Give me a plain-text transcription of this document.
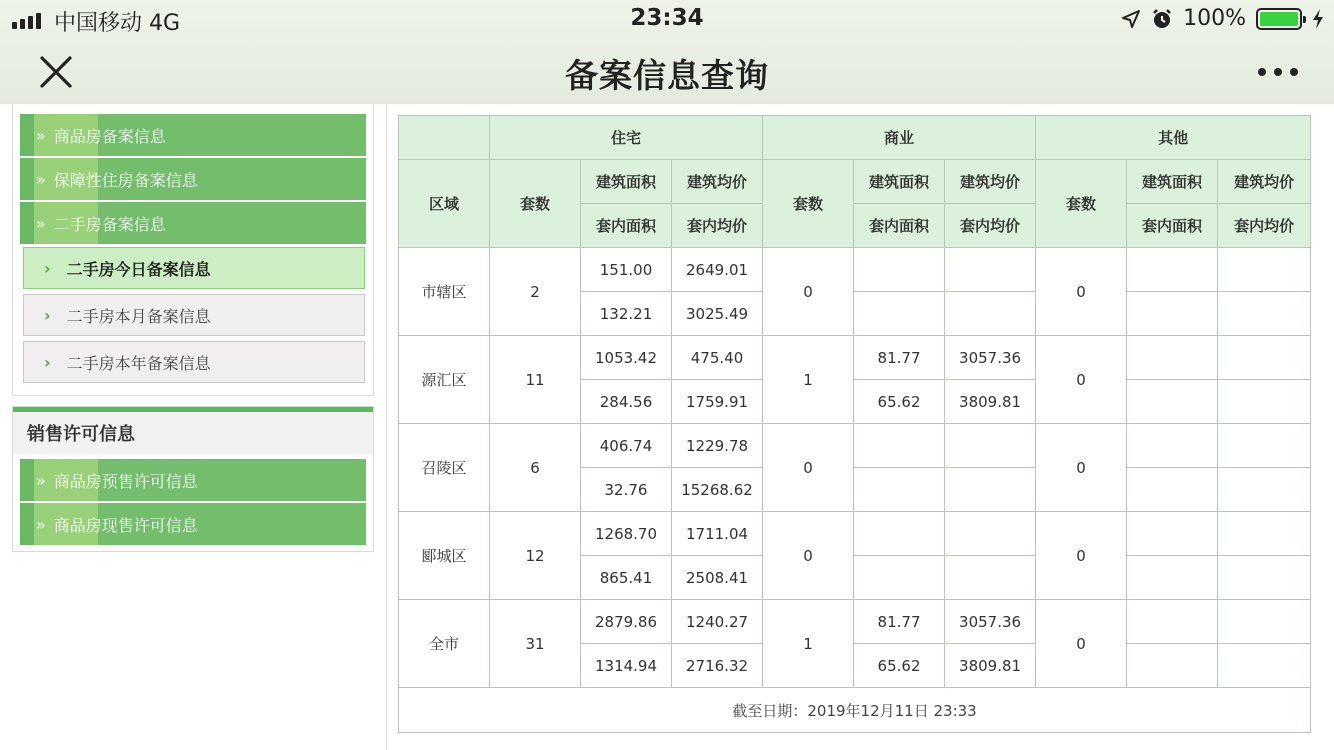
中国移动 4G	23:34	100%
备案信息查询
» 商品房备案信息
» 保障性住房备案信息
» 二手房备案信息
› 二手房今日备案信息
› 二手房本月备案信息
› 二手房本年备案信息
销售许可信息
» 商品房预售许可信息
» 商品房现售许可信息
	住宅			商业			其他		
区域	套数	建筑面积	建筑均价	套数	建筑面积	建筑均价	套数	建筑面积	建筑均价
		套内面积	套内均价		套内面积	套内均价		套内面积	套内均价
市辖区	2	151.00	2649.01	0			0		
		132.21	3025.49						
源汇区	11	1053.42	475.40	1	81.77	3057.36	0		
		284.56	1759.91		65.62	3809.81			
召陵区	6	406.74	1229.78	0			0		
		32.76	15268.62						
郾城区	12	1268.70	1711.04	0			0		
		865.41	2508.41						
全市	31	2879.86	1240.27	1	81.77	3057.36	0		
		1314.94	2716.32		65.62	3809.81			
截至日期：2019年12月11日 23:33									
